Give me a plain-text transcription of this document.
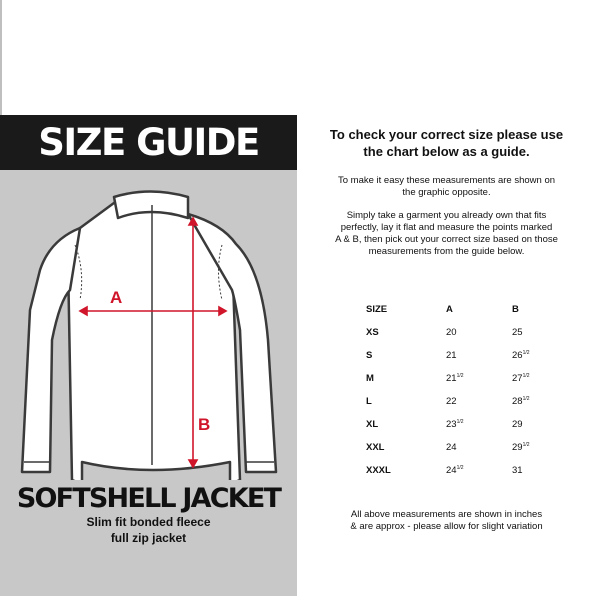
SIZE GUIDE
A
B
SOFTSHELL JACKET
Slim fit bonded fleece
full zip jacket
To check your correct size please use
the chart below as a guide.
To make it easy these measurements are shown on
the graphic opposite.
Simply take a garment you already own that fits
perfectly, lay it flat and measure the points marked
A & B, then pick out your correct size based on those
measurements from the guide below.
SIZE	A	B
XS	20	25
S	21	$26^{1/2}$
M	$21^{1/2}$	$27^{1/2}$
L	22	$28^{1/2}$
XL	$23^{1/2}$	29
XXL	24	$29^{1/2}$
XXXL	$24^{1/2}$	31
All above measurements are shown in inches
& are approx - please allow for slight variation
